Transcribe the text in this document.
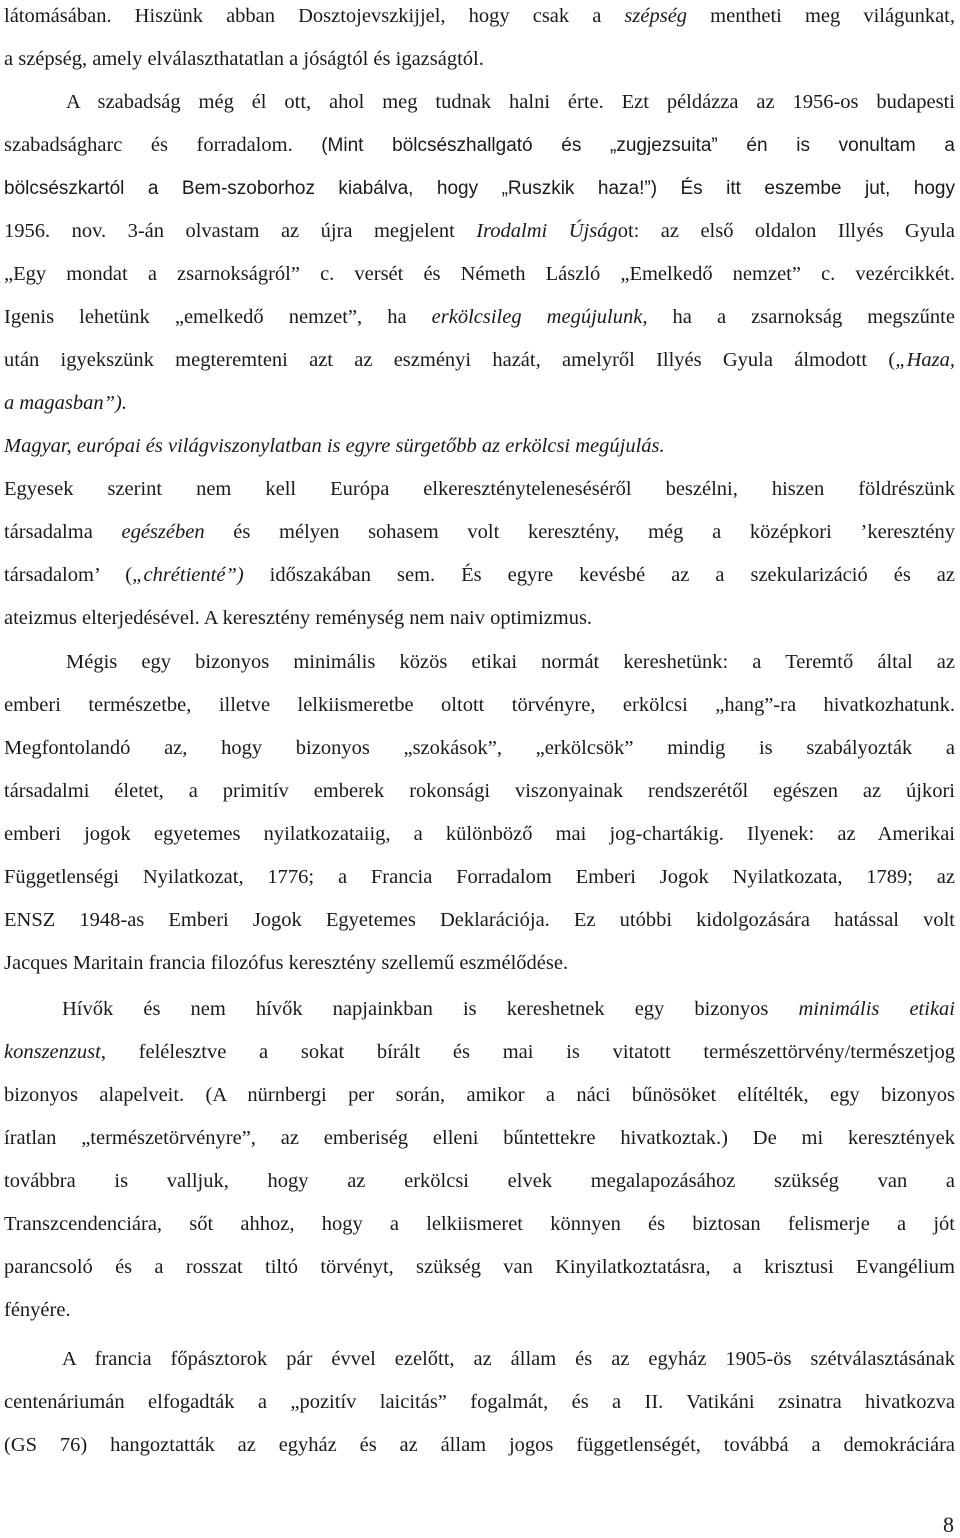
látomásában. Hiszünk abban Dosztojevszkijjel, hogy csak a szépség mentheti meg világunkat,
a szépség, amely elválaszthatatlan a jóságtól és igazságtól.
A szabadság még él ott, ahol meg tudnak halni érte. Ezt példázza az 1956-os budapesti
szabadságharc és forradalom. (Mint bölcsészhallgató és „zugjezsuita” én is vonultam a
bölcsészkartól a Bem-szoborhoz kiabálva, hogy „Ruszkik haza!”) És itt eszembe jut, hogy
1956. nov. 3-án olvastam az újra megjelent Irodalmi Újságot: az első oldalon Illyés Gyula
„Egy mondat a zsarnokságról” c. versét és Németh László „Emelkedő nemzet” c. vezércikkét.
Igenis lehetünk „emelkedő nemzet”, ha erkölcsileg megújulunk, ha a zsarnokság megszűnte
után igyekszünk megteremteni azt az eszményi hazát, amelyről Illyés Gyula álmodott („Haza,
a magasban”).
Magyar, európai és világviszonylatban is egyre sürgetőbb az erkölcsi megújulás.
Egyesek szerint nem kell Európa elkeresztényteleneséséről beszélni, hiszen földrészünk
társadalma egészében és mélyen sohasem volt keresztény, még a középkori ’keresztény
társadalom’ („chrétienté”) időszakában sem. És egyre kevésbé az a szekularizáció és az
ateizmus elterjedésével. A keresztény reménység nem naiv optimizmus.
Mégis egy bizonyos minimális közös etikai normát kereshetünk: a Teremtő által az
emberi természetbe, illetve lelkiismeretbe oltott törvényre, erkölcsi „hang”-ra hivatkozhatunk.
Megfontolandó az, hogy bizonyos „szokások”, „erkölcsök” mindig is szabályozták a
társadalmi életet, a primitív emberek rokonsági viszonyainak rendszerétől egészen az újkori
emberi jogok egyetemes nyilatkozataiig, a különböző mai jog-chartákig. Ilyenek: az Amerikai
Függetlenségi Nyilatkozat, 1776; a Francia Forradalom Emberi Jogok Nyilatkozata, 1789; az
ENSZ 1948-as Emberi Jogok Egyetemes Deklarációja. Ez utóbbi kidolgozására hatással volt
Jacques Maritain francia filozófus keresztény szellemű eszmélődése.
Hívők és nem hívők napjainkban is kereshetnek egy bizonyos minimális etikai
konszenzust, felélesztve a sokat bírált és mai is vitatott természettörvény/természetjog
bizonyos alapelveit. (A nürnbergi per során, amikor a náci bűnösöket elítélték, egy bizonyos
íratlan „természetörvényre”, az emberiség elleni bűntettekre hivatkoztak.) De mi keresztények
továbbra is valljuk, hogy az erkölcsi elvek megalapozásához szükség van a
Transzcendenciára, sőt ahhoz, hogy a lelkiismeret könnyen és biztosan felismerje a jót
parancsoló és a rosszat tiltó törvényt, szükség van Kinyilatkoztatásra, a krisztusi Evangélium
fényére.
A francia főpásztorok pár évvel ezelőtt, az állam és az egyház 1905-ös szétválasztásának
centenáriumán elfogadták a „pozitív laicitás” fogalmát, és a II. Vatikáni zsinatra hivatkozva
(GS 76) hangoztatták az egyház és az állam jogos függetlenségét, továbbá a demokráciára
8
